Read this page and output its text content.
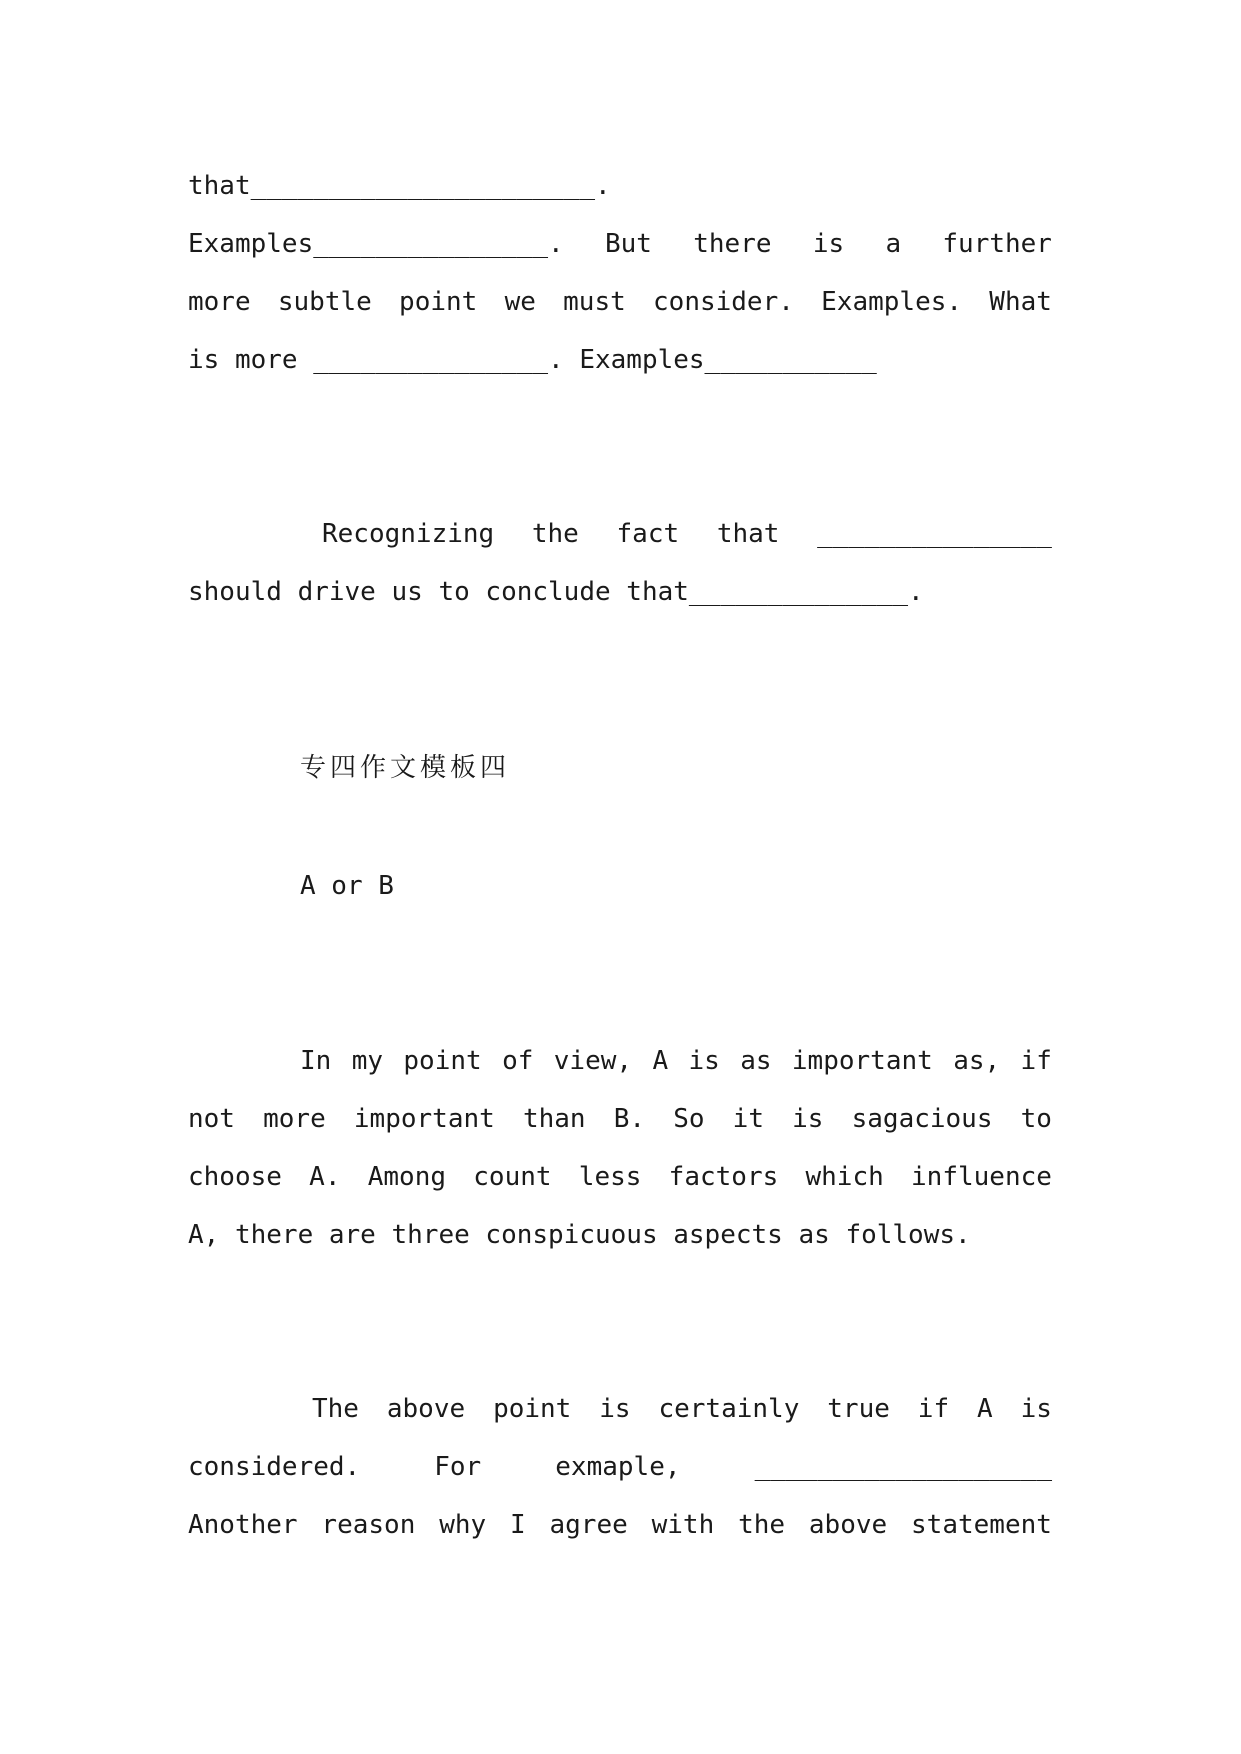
that______________________.
Examples_______________. But there is a further
more subtle point we must consider. Examples. What
is more _______________. Examples___________
Recognizing the fact that _______________
should drive us to conclude that______________.
专四作文模板四
A or B
In my point of view, A is as important as, if
not more important than B. So it is sagacious to
choose A. Among count less factors which influence
A, there are three conspicuous aspects as follows.
The above point is certainly true if A is
considered.	For	exmaple,	___________________
Another reason why I agree with the above statement
